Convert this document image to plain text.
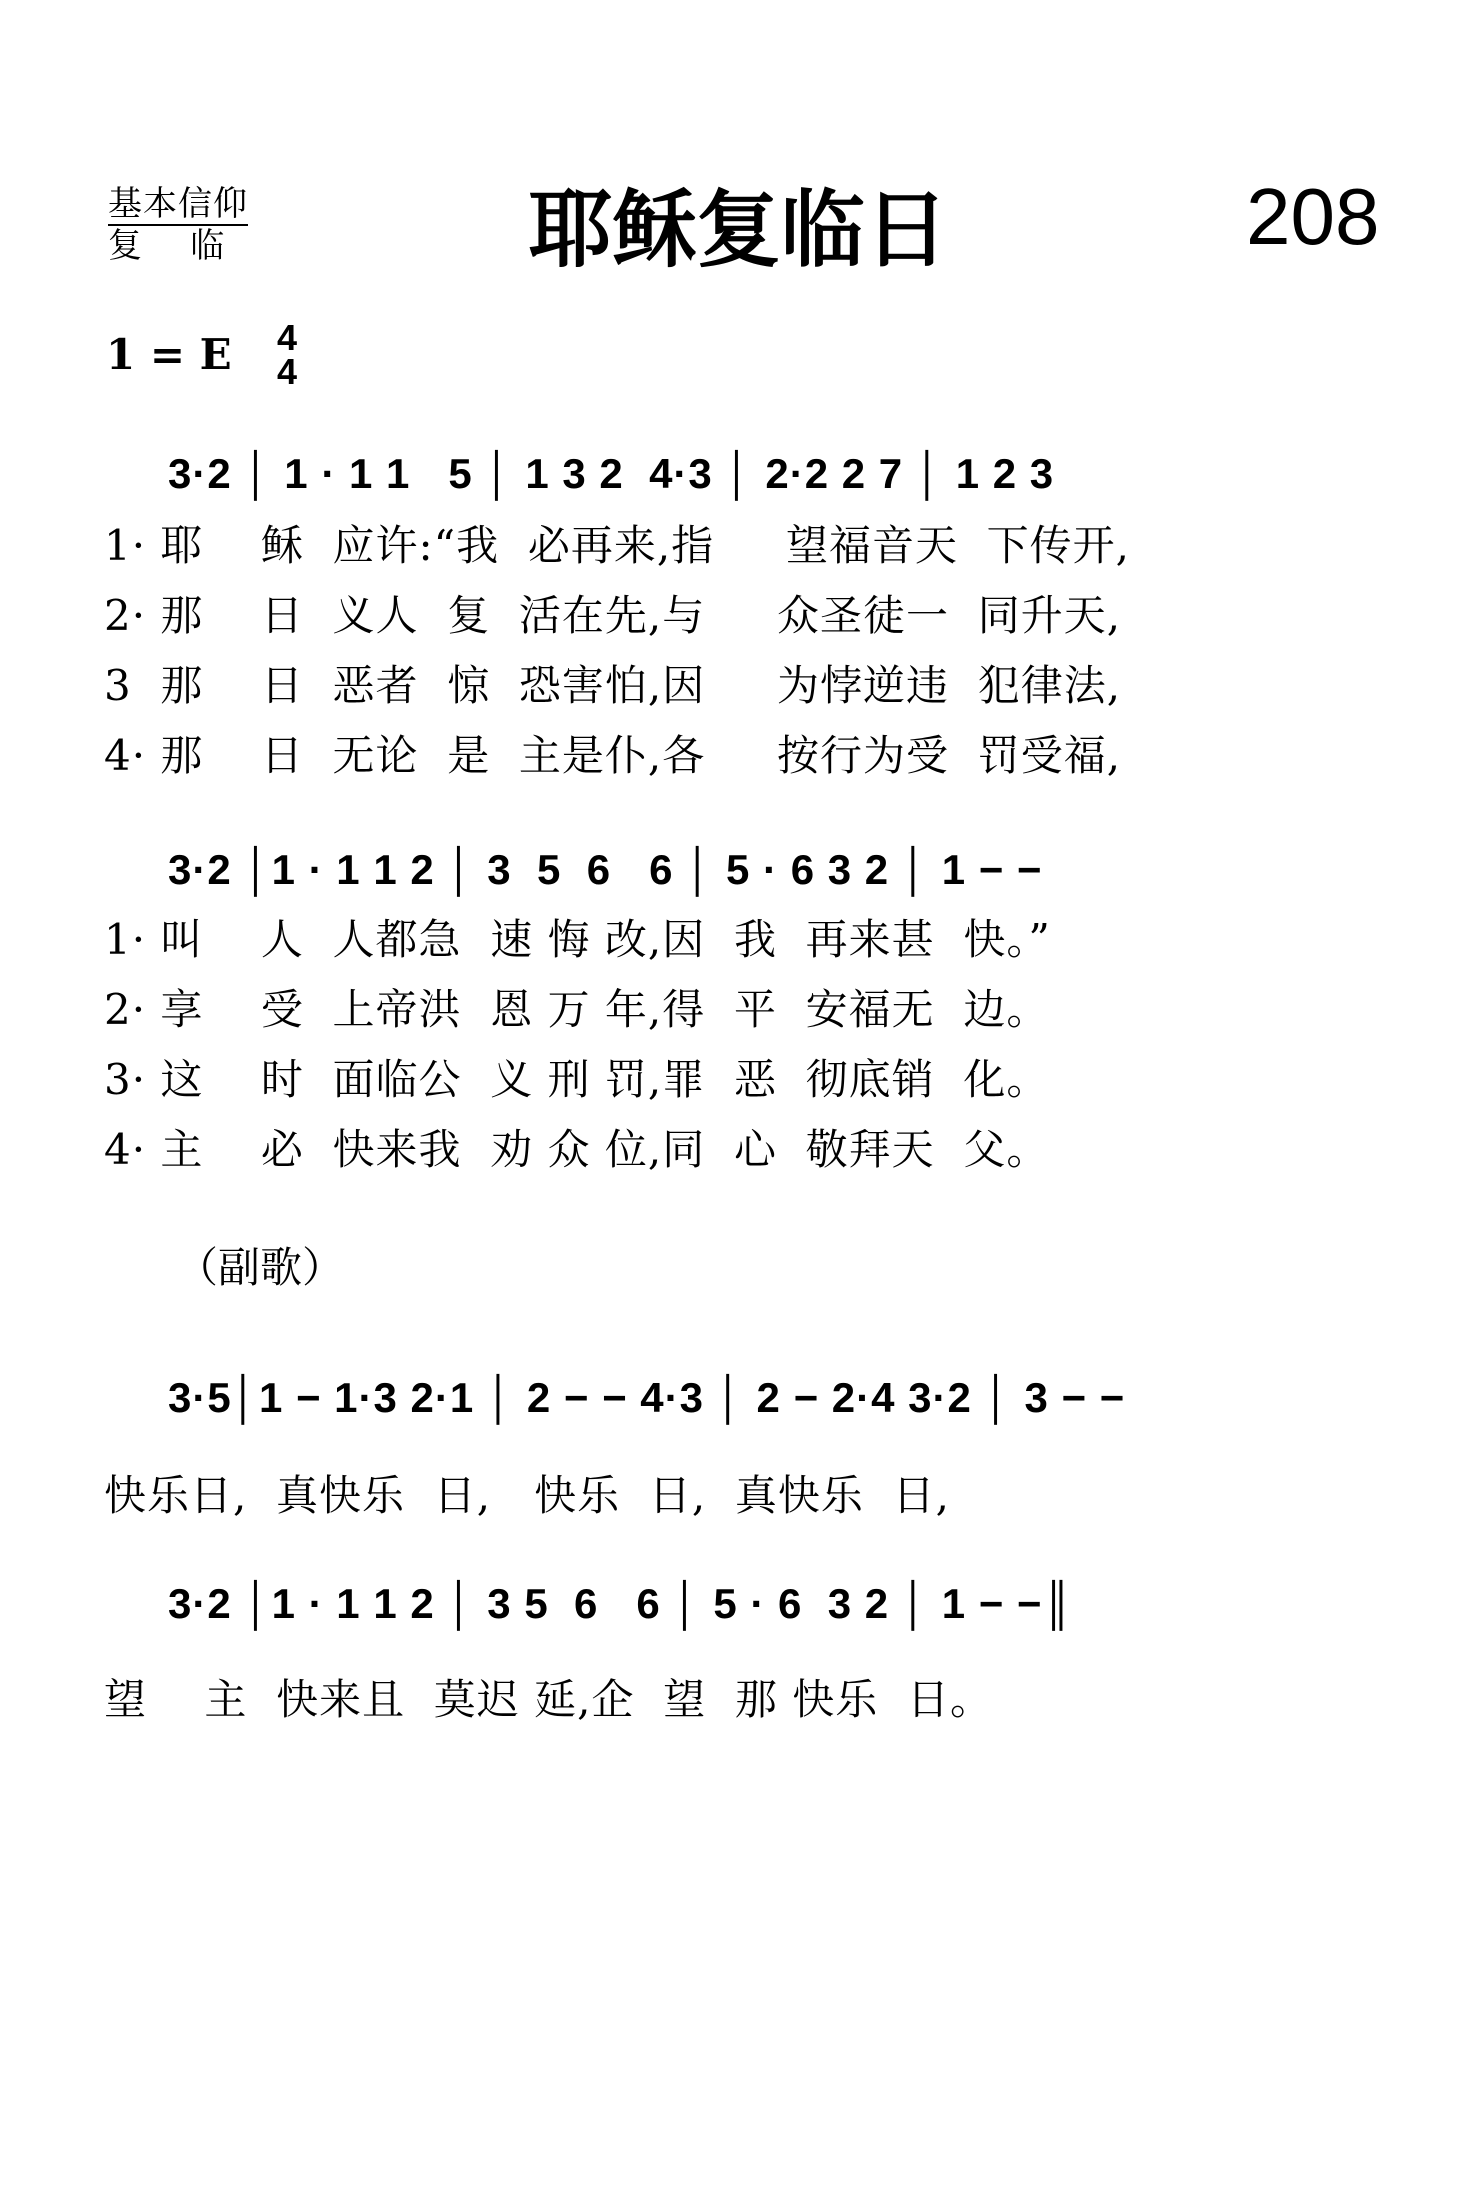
基本信仰
复    临	耶稣复临日	208
1 = E 4
4
3·2 │ 1 · 1 1   5 │ 1 3 2  4·3 │ 2·2 2 7 │ 1 2 3
1· 耶    稣  应许:“我  必再来,指     望福音天  下传开,
2· 那    日  义人  复  活在先,与     众圣徒一  同升天,
3  那    日  恶者  惊  恐害怕,因     为悖逆违  犯律法,
4· 那    日  无论  是  主是仆,各     按行为受  罚受福,
3·2 │1 · 1 1 2 │ 3  5  6   6 │ 5 · 6 3 2 │ 1 − −
1· 叫    人  人都急  速 悔 改,因  我  再来甚  快。”
2· 享    受  上帝洪  恩 万 年,得  平  安福无  边。
3· 这    时  面临公  义 刑 罚,罪  恶  彻底销  化。
4· 主    必  快来我  劝 众 位,同  心  敬拜天  父。
（副歌）
3·5│1 − 1·3 2·1 │ 2 − − 4·3 │ 2 − 2·4 3·2 │ 3 − −
快乐日,  真快乐  日,   快乐  日,  真快乐  日,
3·2 │1 · 1 1 2 │ 3 5  6   6 │ 5 · 6  3 2 │ 1 − −║
望    主  快来且  莫迟 延,企  望  那 快乐  日。
